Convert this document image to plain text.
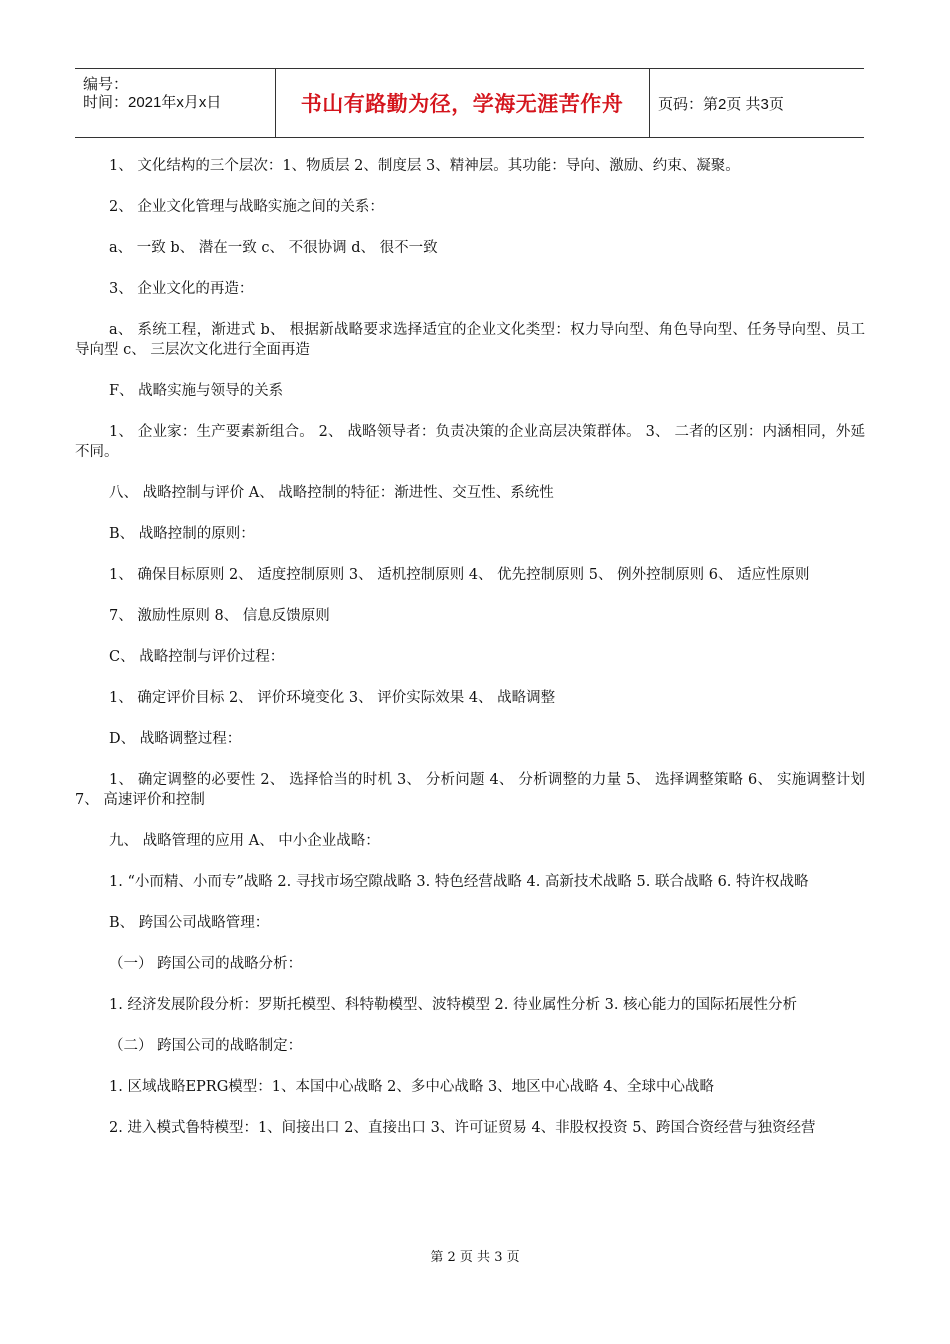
编号：
时间：2021年x月x日	书山有路勤为径，学海无涯苦作舟 页码：第2页 共3页

1、 文化结构的三个层次：1、物质层 2、制度层 3、精神层。其功能：导向、激励、约束、凝聚。

2、 企业文化管理与战略实施之间的关系：

a、 一致 b、 潜在一致 c、 不很协调 d、 很不一致

3、 企业文化的再造：

a、 系统工程，渐进式 b、 根据新战略要求选择适宜的企业文化类型：权力导向型、角色导向型、任务导向型、员工导向型 c、 三层次文化进行全面再造

F、 战略实施与领导的关系

1、 企业家：生产要素新组合。 2、 战略领导者：负责决策的企业高层决策群体。 3、 二者的区别：内涵相同，外延不同。

八、 战略控制与评价 A、 战略控制的特征：渐进性、交互性、系统性

B、 战略控制的原则：

1、 确保目标原则 2、 适度控制原则 3、 适机控制原则 4、 优先控制原则 5、 例外控制原则 6、 适应性原则

7、 激励性原则 8、 信息反馈原则

C、 战略控制与评价过程：

1、 确定评价目标 2、 评价环境变化 3、 评价实际效果 4、 战略调整

D、 战略调整过程：

1、 确定调整的必要性 2、 选择恰当的时机 3、 分析问题 4、 分析调整的力量 5、 选择调整策略 6、 实施调整计划 7、 高速评价和控制

九、 战略管理的应用 A、 中小企业战略：

1. “小而精、小而专”战略 2. 寻找市场空隙战略 3. 特色经营战略 4. 高新技术战略 5. 联合战略 6. 特许权战略

B、 跨国公司战略管理：

（一） 跨国公司的战略分析：

1. 经济发展阶段分析：罗斯托模型、科特勒模型、波特模型 2. 待业属性分析 3. 核心能力的国际拓展性分析

（二） 跨国公司的战略制定：

1. 区域战略EPRG模型：1、本国中心战略 2、多中心战略 3、地区中心战略 4、全球中心战略

2. 进入模式鲁特模型：1、间接出口 2、直接出口 3、许可证贸易 4、非股权投资 5、跨国合资经营与独资经营

第 2 页 共 3 页
